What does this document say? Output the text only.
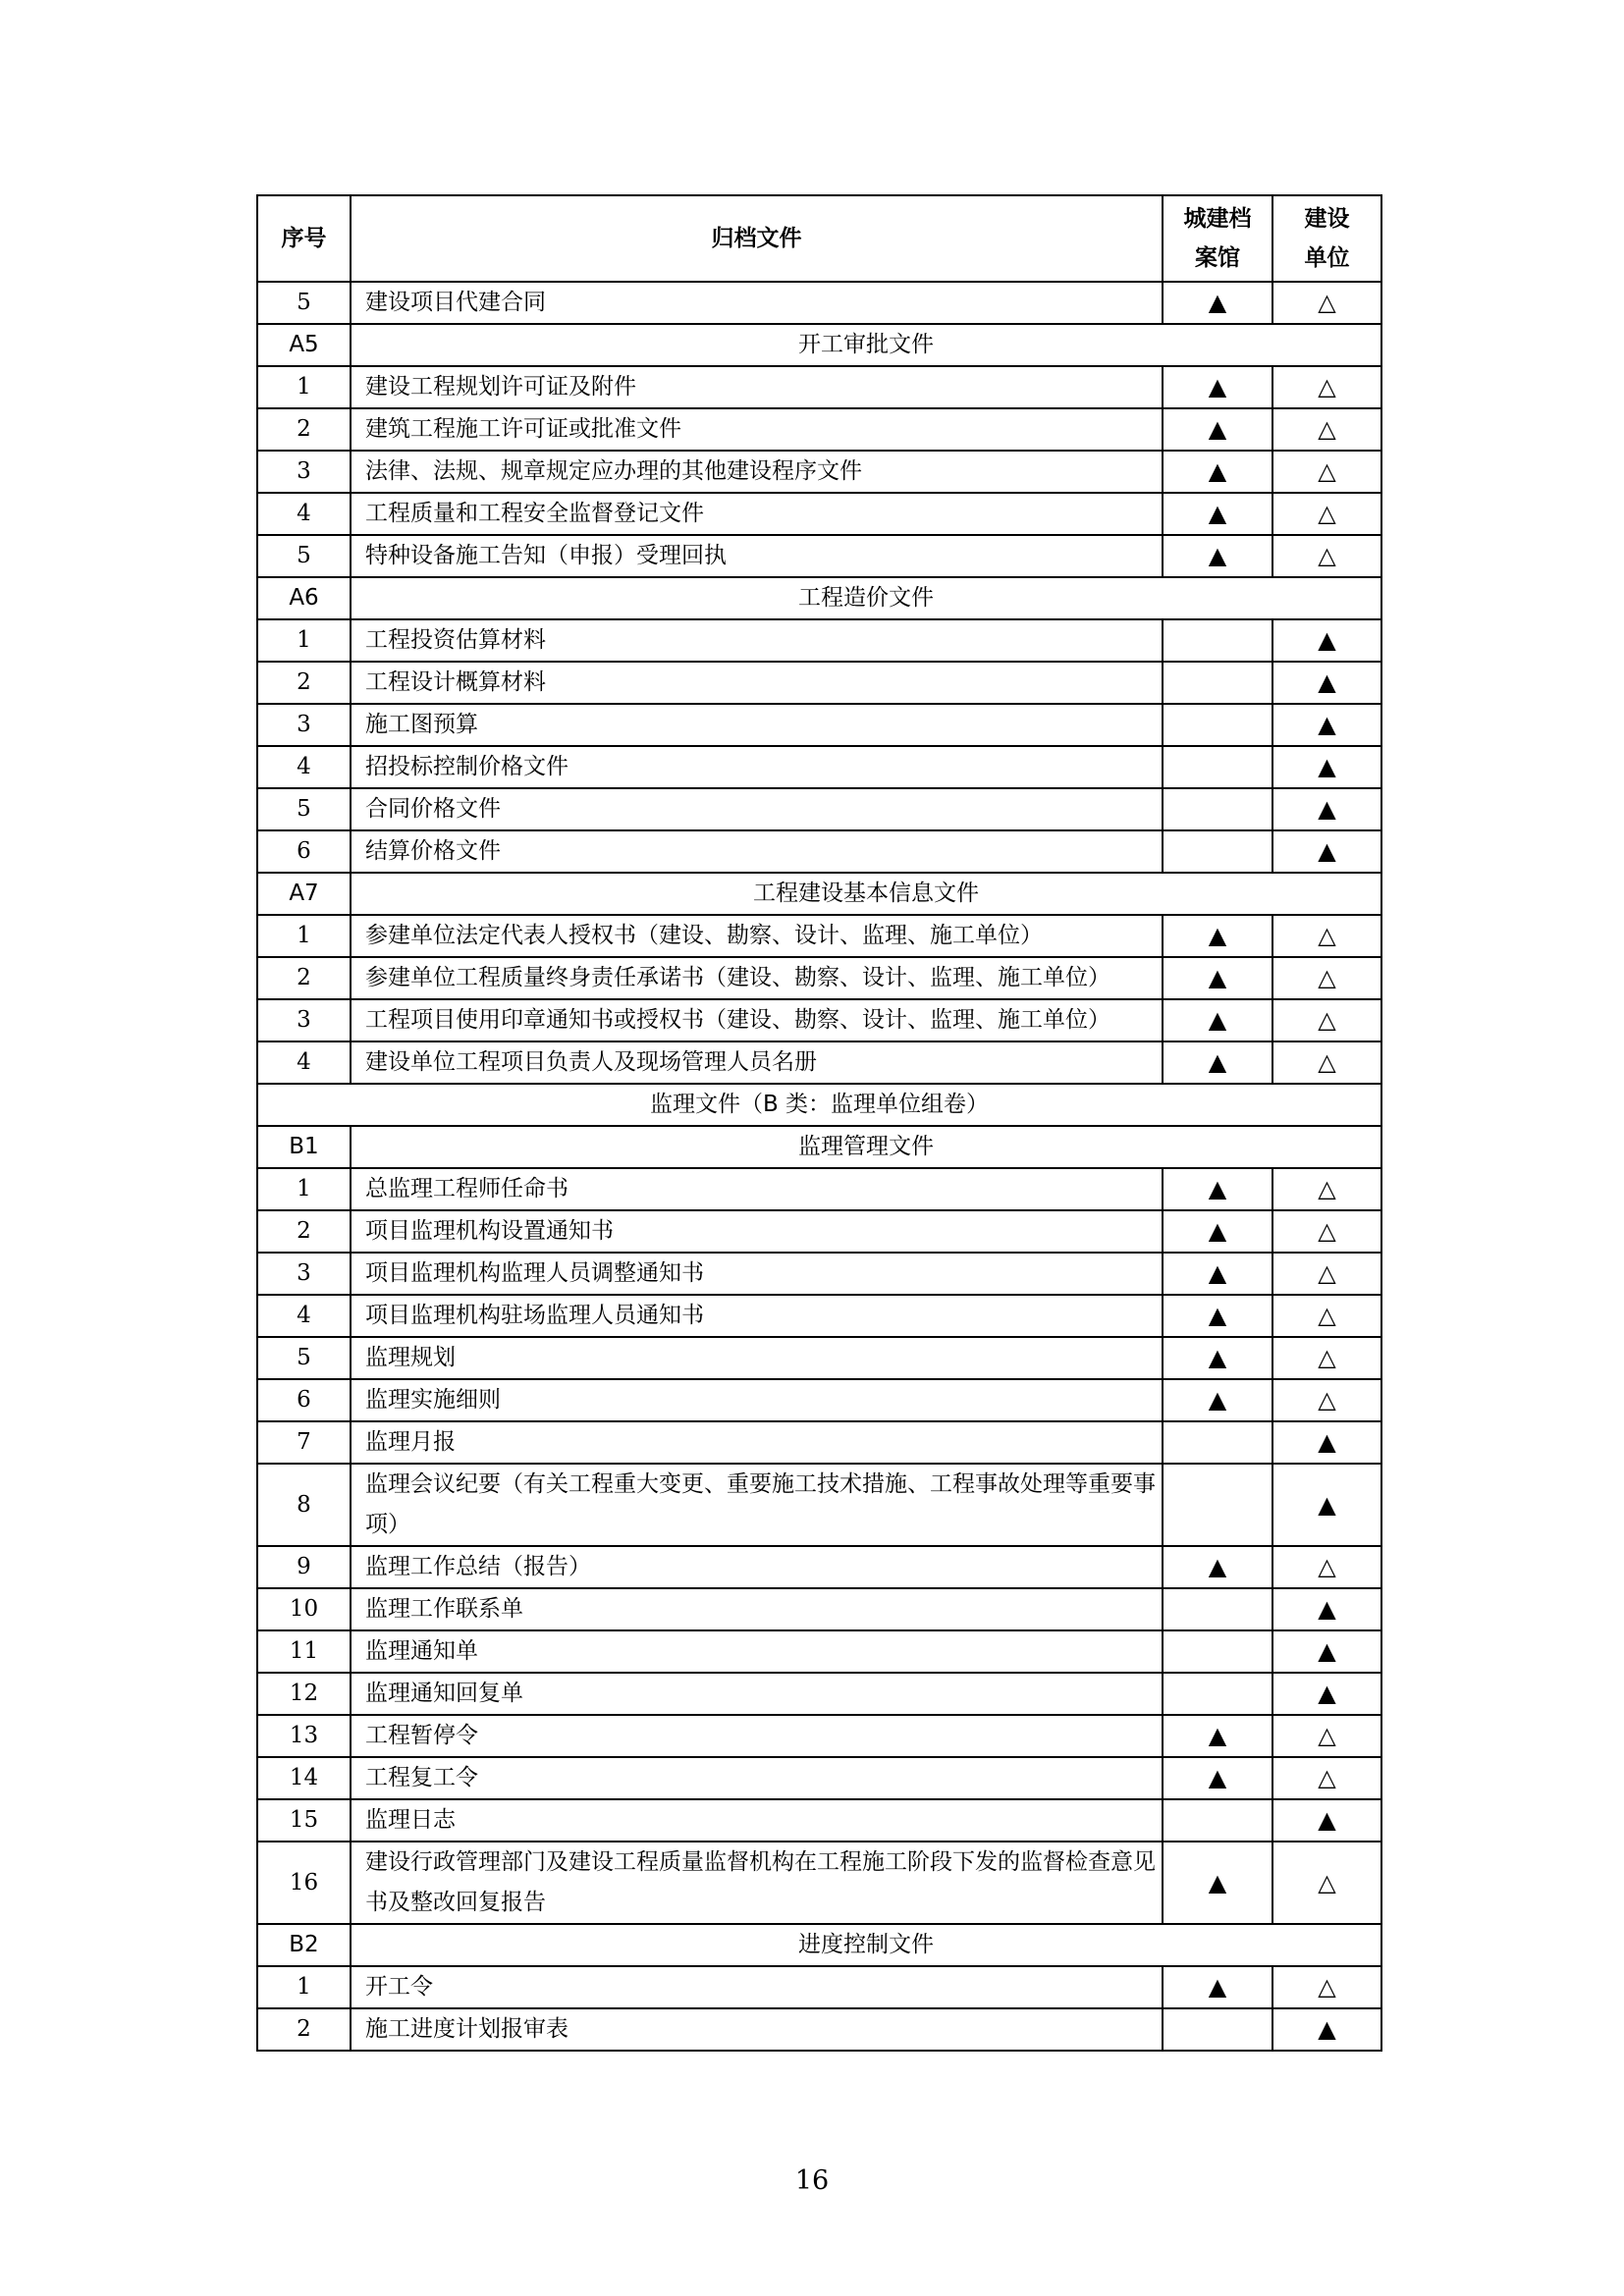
序号	归档文件	城建档案馆	建设单位
5	建设项目代建合同	▲	△
A5	开工审批文件		
1	建设工程规划许可证及附件	▲	△
2	建筑工程施工许可证或批准文件	▲	△
3	法律、法规、规章规定应办理的其他建设程序文件	▲	△
4	工程质量和工程安全监督登记文件	▲	△
5	特种设备施工告知（申报）受理回执	▲	△
A6	工程造价文件		
1	工程投资估算材料		▲
2	工程设计概算材料		▲
3	施工图预算		▲
4	招投标控制价格文件		▲
5	合同价格文件		▲
6	结算价格文件		▲
A7	工程建设基本信息文件		
1	参建单位法定代表人授权书（建设、勘察、设计、监理、施工单位）	▲	△
2	参建单位工程质量终身责任承诺书（建设、勘察、设计、监理、施工单位）	▲	△
3	工程项目使用印章通知书或授权书（建设、勘察、设计、监理、施工单位）	▲	△
4	建设单位工程项目负责人及现场管理人员名册	▲	△
监理文件（B 类：监理单位组卷）			
B1	监理管理文件		
1	总监理工程师任命书	▲	△
2	项目监理机构设置通知书	▲	△
3	项目监理机构监理人员调整通知书	▲	△
4	项目监理机构驻场监理人员通知书	▲	△
5	监理规划	▲	△
6	监理实施细则	▲	△
7	监理月报		▲
8	监理会议纪要（有关工程重大变更、重要施工技术措施、工程事故处理等重要事项）		▲
9	监理工作总结（报告）	▲	△
10	监理工作联系单		▲
11	监理通知单		▲
12	监理通知回复单		▲
13	工程暂停令	▲	△
14	工程复工令	▲	△
15	监理日志		▲
16	建设行政管理部门及建设工程质量监督机构在工程施工阶段下发的监督检查意见书及整改回复报告	▲	△
B2	进度控制文件		
1	开工令	▲	△
2	施工进度计划报审表		▲
16
